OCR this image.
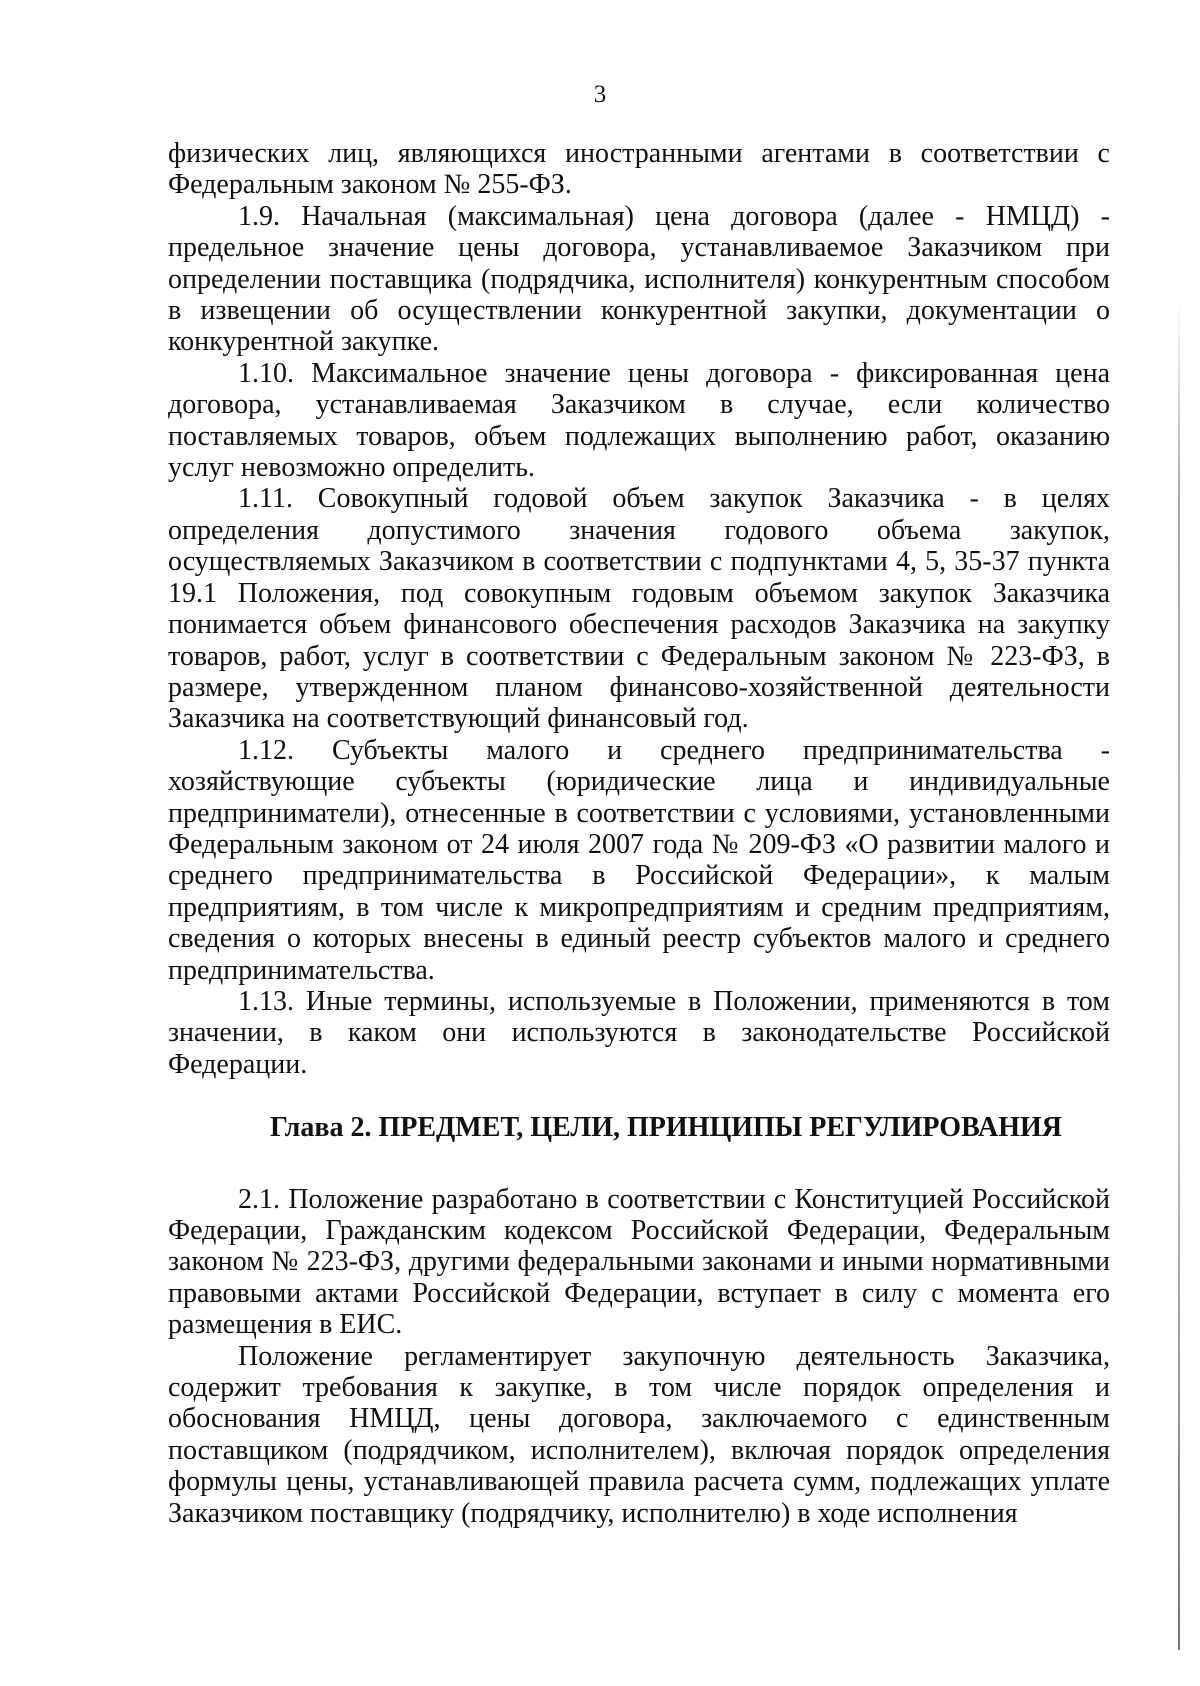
3

физических лиц, являющихся иностранными агентами в соответствии с Федеральным законом № 255-ФЗ.

1.9. Начальная (максимальная) цена договора (далее - НМЦД) - предельное значение цены договора, устанавливаемое Заказчиком при определении поставщика (подрядчика, исполнителя) конкурентным способом в извещении об осуществлении конкурентной закупки, документации о конкурентной закупке.

1.10. Максимальное значение цены договора - фиксированная цена договора, устанавливаемая Заказчиком в случае, если количество поставляемых товаров, объем подлежащих выполнению работ, оказанию услуг невозможно определить.

1.11. Совокупный годовой объем закупок Заказчика - в целях определения допустимого значения годового объема закупок, осуществляемых Заказчиком в соответствии с подпунктами 4, 5, 35-37 пункта 19.1 Положения, под совокупным годовым объемом закупок Заказчика понимается объем финансового обеспечения расходов Заказчика на закупку товаров, работ, услуг в соответствии с Федеральным законом № 223-ФЗ, в размере, утвержденном планом финансово-хозяйственной деятельности Заказчика на соответствующий финансовый год.

1.12. Субъекты малого и среднего предпринимательства - хозяйствующие субъекты (юридические лица и индивидуальные предприниматели), отнесенные в соответствии с условиями, установленными Федеральным законом от 24 июля 2007 года № 209-ФЗ «О развитии малого и среднего предпринимательства в Российской Федерации», к малым предприятиям, в том числе к микропредприятиям и средним предприятиям, сведения о которых внесены в единый реестр субъектов малого и среднего предпринимательства.

1.13. Иные термины, используемые в Положении, применяются в том значении, в каком они используются в законодательстве Российской Федерации.

Глава 2. ПРЕДМЕТ, ЦЕЛИ, ПРИНЦИПЫ РЕГУЛИРОВАНИЯ

2.1. Положение разработано в соответствии с Конституцией Российской Федерации, Гражданским кодексом Российской Федерации, Федеральным законом № 223-ФЗ, другими федеральными законами и иными нормативными правовыми актами Российской Федерации, вступает в силу с момента его размещения в ЕИС.

Положение регламентирует закупочную деятельность Заказчика, содержит требования к закупке, в том числе порядок определения и обоснования НМЦД, цены договора, заключаемого с единственным поставщиком (подрядчиком, исполнителем), включая порядок определения формулы цены, устанавливающей правила расчета сумм, подлежащих уплате Заказчиком поставщику (подрядчику, исполнителю) в ходе исполнения
